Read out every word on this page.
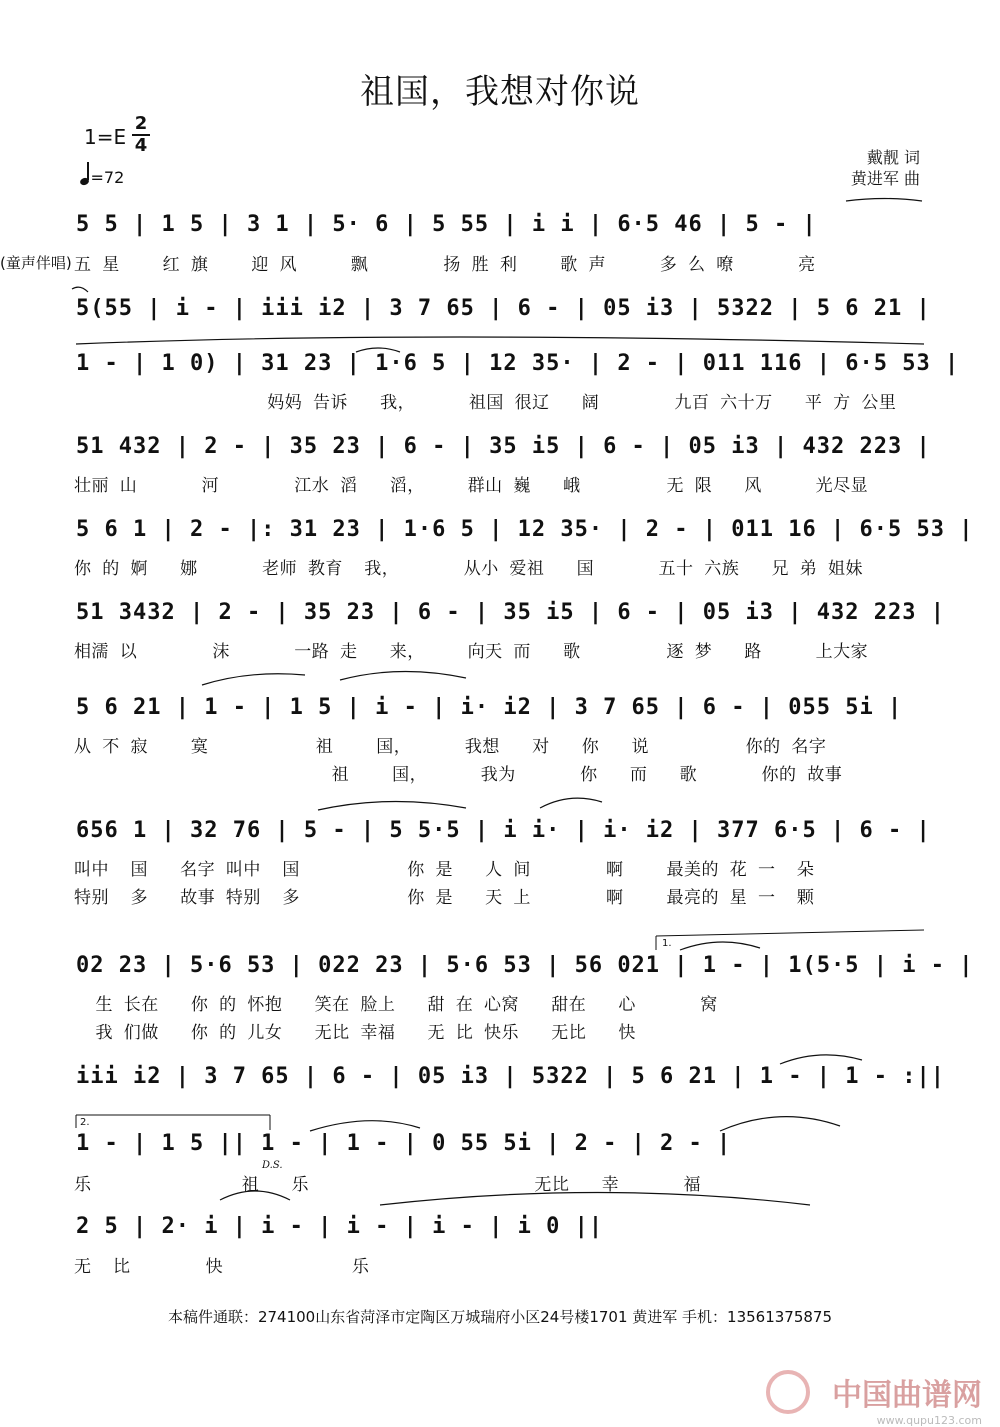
祖国，我想对你说
1=E
2
4
=72
戴靓 词
黄进军 曲
(童声伴唱)
5 5 | 1 5 | 3 1 | 5· 6 | 5 55 | i i | 6·5 46 | 5 - |
五 星    红 旗    迎 风     飘       扬 胜 利    歌 声     多 么 嘹      亮
5(55 | i - | iii i2 | 3 7 65 | 6 - | 05 i3 | 5322 | 5 6 21 |
1 - | 1 0) | 31 23 | 1·6 5 | 12 35· | 2 - | 011 116 | 6·5 53 |
妈妈 告诉   我，     祖国 很辽   阔       九百 六十万   平 方 公里
51 432 | 2 - | 35 23 | 6 - | 35 i5 | 6 - | 05 i3 | 432 223 |
壮丽 山      河       江水 滔   滔，    群山 巍   峨        无 限   风     光尽显
5 6 1 | 2 - |: 31 23 | 1·6 5 | 12 35· | 2 - | 011 16 | 6·5 53 |
你 的 婀   娜      老师 教育  我，      从小 爱祖   国      五十 六族   兄 弟 姐妹
51 3432 | 2 - | 35 23 | 6 - | 35 i5 | 6 - | 05 i3 | 432 223 |
相濡 以       沫      一路 走   来，    向天 而   歌        逐 梦   路     上大家
5 6 21 | 1 - | 1 5 | i - | i· i2 | 3 7 65 | 6 - | 055 5i |
从 不 寂    寞          祖    国，     我想   对   你   说         你的 名字
祖    国，     我为      你   而   歌      你的 故事
656 1 | 32 76 | 5 - | 5 5·5 | i i· | i· i2 | 377 6·5 | 6 - |
叫中  国   名字 叫中  国          你 是   人 间       啊    最美的 花 一  朵
特别  多   故事 特别  多          你 是   天 上       啊    最亮的 星 一  颗
1.
02 23 | 5·6 53 | 022 23 | 5·6 53 | 56 021 | 1 - | 1(5·5 | i - |
生 长在   你 的 怀抱   笑在 脸上   甜 在 心窝   甜在   心      窝
我 们做   你 的 儿女   无比 幸福   无 比 快乐   无比   快
iii i2 | 3 7 65 | 6 - | 05 i3 | 5322 | 5 6 21 | 1 - | 1 - :||
2.
1 - | 1 5 || 1 - | 1 - | 0 55 5i | 2 - | 2 - |
D.S.
乐              祖   乐                     无比   幸      福
2 5 | 2· i | i - | i - | i - | i 0 ||
无  比       快            乐
本稿件通联：274100山东省菏泽市定陶区万城瑞府小区24号楼1701 黄进军 手机：13561375875
中国曲谱网
www.qupu123.com
